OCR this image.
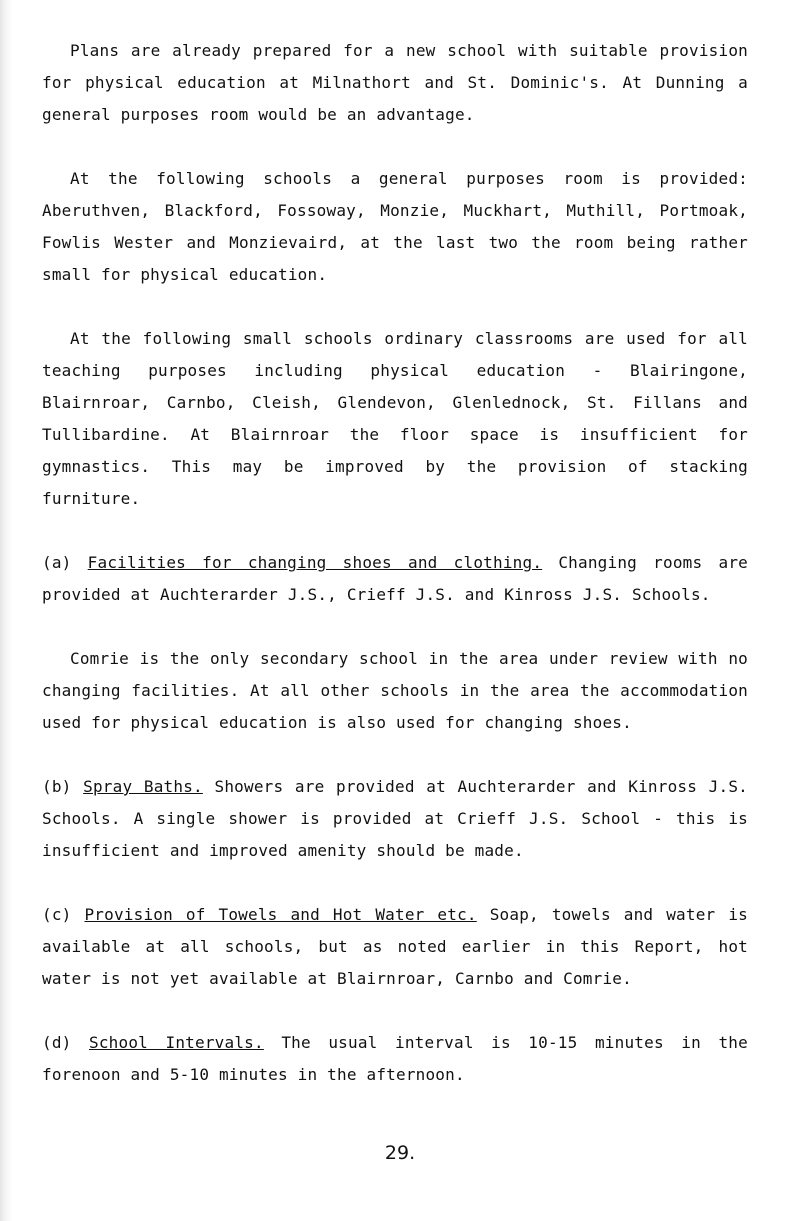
Plans are already prepared for a new school with suitable provision for physical education at Milnathort and St. Dominic's. At Dunning a general purposes room would be an advantage.

At the following schools a general purposes room is provided: Aberuthven, Blackford, Fossoway, Monzie, Muckhart, Muthill, Portmoak, Fowlis Wester and Monzievaird, at the last two the room being rather small for physical education.

At the following small schools ordinary classrooms are used for all teaching purposes including physical education - Blairingone, Blairnroar, Carnbo, Cleish, Glendevon, Glenlednock, St. Fillans and Tullibardine. At Blairnroar the floor space is insufficient for gymnastics. This may be improved by the provision of stacking furniture.

(a) Facilities for changing shoes and clothing. Changing rooms are provided at Auchterarder J.S., Crieff J.S. and Kinross J.S. Schools.

Comrie is the only secondary school in the area under review with no changing facilities. At all other schools in the area the accommodation used for physical education is also used for changing shoes.

(b) Spray Baths. Showers are provided at Auchterarder and Kinross J.S. Schools. A single shower is provided at Crieff J.S. School - this is insufficient and improved amenity should be made.

(c) Provision of Towels and Hot Water etc. Soap, towels and water is available at all schools, but as noted earlier in this Report, hot water is not yet available at Blairnroar, Carnbo and Comrie.

(d) School Intervals. The usual interval is 10-15 minutes in the forenoon and 5-10 minutes in the afternoon.

29.
